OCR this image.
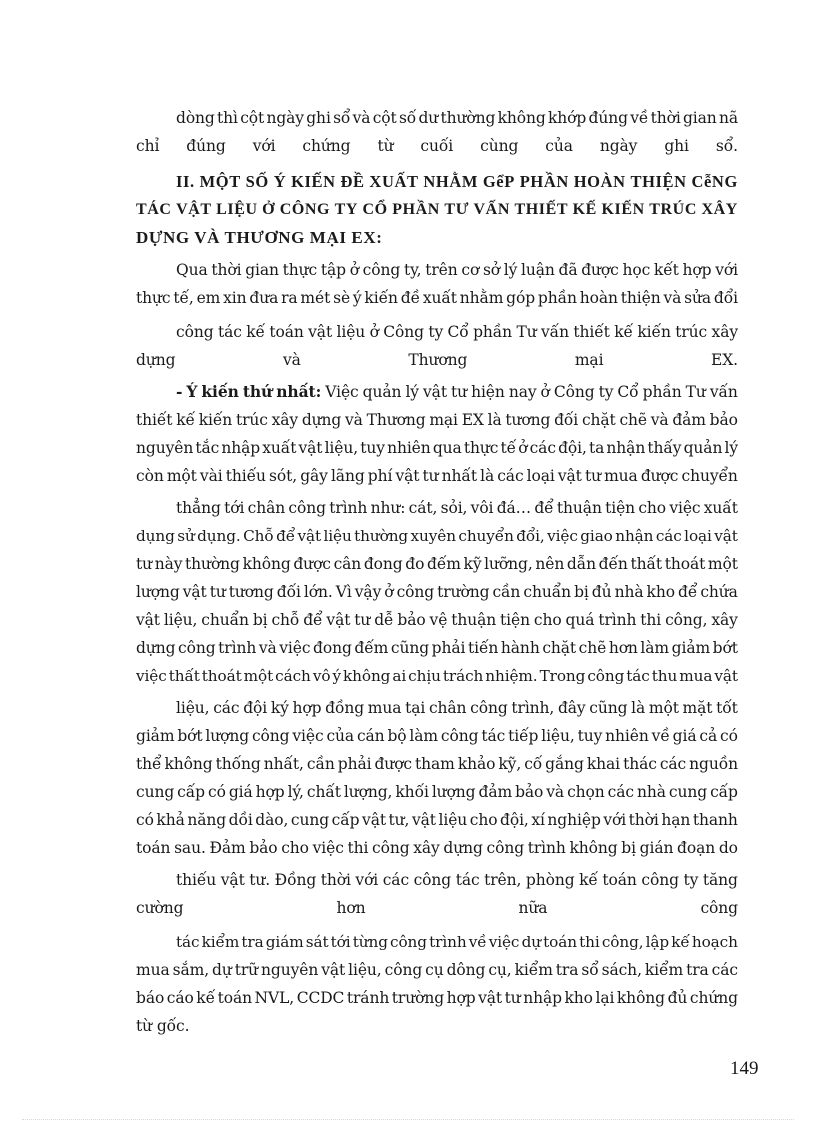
dòng thì cột ngày ghi sổ và cột số dư thường không khớp đúng về thời gian nã
chỉ đúng với chứng từ cuối cùng của ngày ghi sổ.
II. MỘT SỐ Ý KIẾN ĐỀ XUẤT NHẰM GểP PHẦN HOÀN THIỆN CễNG
TÁC VẬT LIỆU Ở CÔNG TY CỔ PHẦN TƯ VẤN THIẾT KẾ KIẾN TRÚC XÂY
DỰNG VÀ THƯƠNG MẠI EX:
Qua thời gian thực tập ở công ty, trên cơ sở lý luận đã được học kết hợp với
thực tế, em xin đưa ra mét sè ý kiến đề xuất nhằm góp phần hoàn thiện và sửa đổi
công tác kế toán vật liệu ở Công ty Cổ phần Tư vấn thiết kế kiến trúc xây
dựng	và	Thương	mại	EX.
- Ý kiến thứ nhất: Việc quản lý vật tư hiện nay ở Công ty Cổ phần Tư vấn
thiết kế kiến trúc xây dựng và Thương mại EX là tương đối chặt chẽ và đảm bảo
nguyên tắc nhập xuất vật liệu, tuy nhiên qua thực tế ở các đội, ta nhận thấy quản lý
còn một vài thiếu sót, gây lãng phí vật tư nhất là các loại vật tư mua được chuyển
thẳng tới chân công trình như: cát, sỏi, vôi đá… để thuận tiện cho việc xuất
dụng sử dụng. Chỗ để vật liệu thường xuyên chuyển đổi, việc giao nhận các loại vật
tư này thường không được cân đong đo đếm kỹ lưỡng, nên dẫn đến thất thoát một
lượng vật tư tương đối lớn. Vì vậy ở công trường cần chuẩn bị đủ nhà kho để chứa
vật liệu, chuẩn bị chỗ để vật tư dễ bảo vệ thuận tiện cho quá trình thi công, xây
dựng công trình và việc đong đếm cũng phải tiến hành chặt chẽ hơn làm giảm bớt
việc thất thoát một cách vô ý không ai chịu trách nhiệm. Trong công tác thu mua vật
liệu, các đội ký hợp đồng mua tại chân công trình, đây cũng là một mặt tốt
giảm bớt lượng công việc của cán bộ làm công tác tiếp liệu, tuy nhiên về giá cả có
thể không thống nhất, cần phải được tham khảo kỹ, cố gắng khai thác các nguồn
cung cấp có giá hợp lý, chất lượng, khối lượng đảm bảo và chọn các nhà cung cấp
có khả năng dồi dào, cung cấp vật tư, vật liệu cho đội, xí nghiệp với thời hạn thanh
toán sau. Đảm bảo cho việc thi công xây dựng công trình không bị gián đoạn do
thiếu vật tư. Đồng thời với các công tác trên, phòng kế toán công ty tăng
cường	hơn	nữa	công
tác kiểm tra giám sát tới từng công trình về việc dự toán thi công, lập kế hoạch
mua sắm, dự trữ nguyên vật liệu, công cụ dông cụ, kiểm tra sổ sách, kiểm tra các
báo cáo kế toán NVL, CCDC tránh trường hợp vật tư nhập kho lại không đủ chứng
từ gốc.
149
